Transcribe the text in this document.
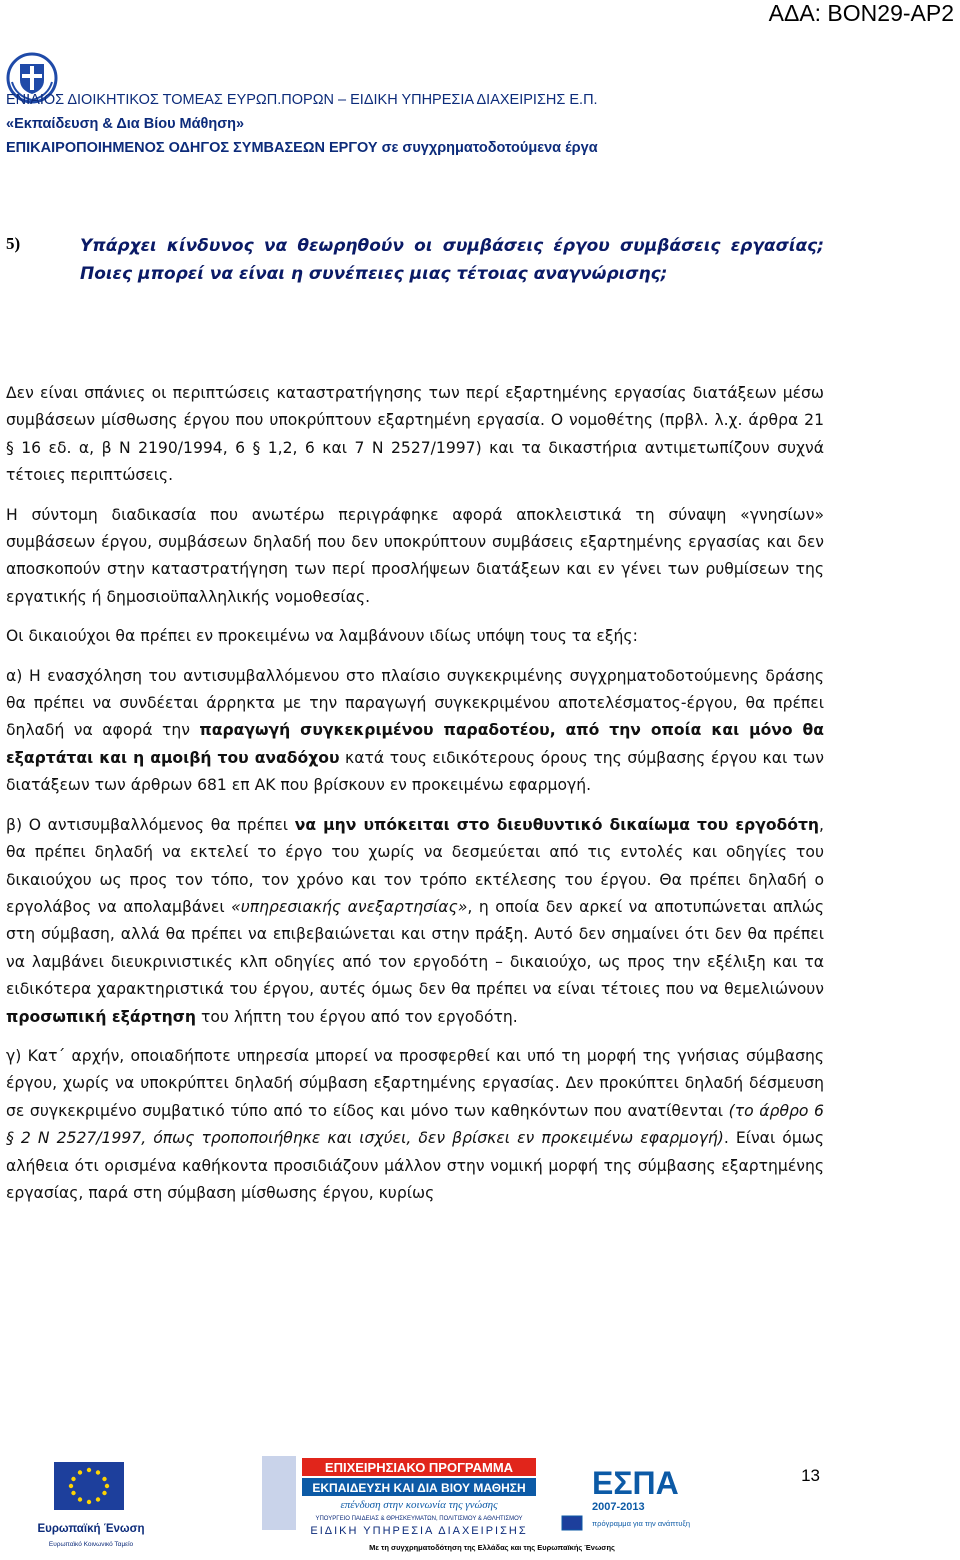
ΑΔΑ: ΒΟΝ29-ΑΡ2
ΕΝΙΑΙΟΣ ΔΙΟΙΚΗΤΙΚΟΣ ΤΟΜΕΑΣ ΕΥΡΩΠ.ΠΟΡΩΝ – ΕΙΔΙΚΗ ΥΠΗΡΕΣΙΑ ΔΙΑΧΕΙΡΙΣΗΣ Ε.Π.
«Εκπαίδευση & Δια Βίου Μάθηση»
ΕΠΙΚΑΙΡΟΠΟΙΗΜΕΝΟΣ ΟΔΗΓΟΣ ΣΥΜΒΑΣΕΩΝ ΕΡΓΟΥ σε συγχρηματοδοτούμενα έργα
5)	Υπάρχει κίνδυνος να θεωρηθούν οι συμβάσεις έργου συμβάσεις εργασίας; Ποιες μπορεί να είναι η συνέπειες μιας τέτοιας αναγνώρισης;

Δεν είναι σπάνιες οι περιπτώσεις καταστρατήγησης των περί εξαρτημένης εργασίας διατάξεων μέσω συμβάσεων μίσθωσης έργου που υποκρύπτουν εξαρτημένη εργασία. Ο νομοθέτης (πρβλ. λ.χ. άρθρα 21 § 16 εδ. α, β Ν 2190/1994, 6 § 1,2, 6 και 7 Ν 2527/1997) και τα δικαστήρια αντιμετωπίζουν συχνά τέτοιες περιπτώσεις.

Η σύντομη διαδικασία που ανωτέρω περιγράφηκε αφορά αποκλειστικά τη σύναψη «γνησίων» συμβάσεων έργου, συμβάσεων δηλαδή που δεν υποκρύπτουν συμβάσεις εξαρτημένης εργασίας και δεν αποσκοπούν στην καταστρατήγηση των περί προσλήψεων διατάξεων και εν γένει των ρυθμίσεων της εργατικής ή δημοσιοϋπαλληλικής νομοθεσίας.

Οι δικαιούχοι θα πρέπει εν προκειμένω να λαμβάνουν ιδίως υπόψη τους τα εξής:

α) Η ενασχόληση του αντισυμβαλλόμενου στο πλαίσιο συγκεκριμένης συγχρηματοδοτούμενης δράσης θα πρέπει να συνδέεται άρρηκτα με την παραγωγή συγκεκριμένου αποτελέσματος-έργου, θα πρέπει δηλαδή να αφορά την παραγωγή συγκεκριμένου παραδοτέου, από την οποία και μόνο θα εξαρτάται και η αμοιβή του αναδόχου κατά τους ειδικότερους όρους της σύμβασης έργου και των διατάξεων των άρθρων 681 επ ΑΚ που βρίσκουν εν προκειμένω εφαρμογή.

β) Ο αντισυμβαλλόμενος θα πρέπει να μην υπόκειται στο διευθυντικό δικαίωμα του εργοδότη, θα πρέπει δηλαδή να εκτελεί το έργο του χωρίς να δεσμεύεται από τις εντολές και οδηγίες του δικαιούχου ως προς τον τόπο, τον χρόνο και τον τρόπο εκτέλεσης του έργου. Θα πρέπει δηλαδή ο εργολάβος να απολαμβάνει «υπηρεσιακής ανεξαρτησίας», η οποία δεν αρκεί να αποτυπώνεται απλώς στη σύμβαση, αλλά θα πρέπει να επιβεβαιώνεται και στην πράξη. Αυτό δεν σημαίνει ότι δεν θα πρέπει να λαμβάνει διευκρινιστικές κλπ οδηγίες από τον εργοδότη – δικαιούχο, ως προς την εξέλιξη και τα ειδικότερα χαρακτηριστικά του έργου, αυτές όμως δεν θα πρέπει να είναι τέτοιες που να θεμελιώνουν προσωπική εξάρτηση του λήπτη του έργου από τον εργοδότη.

γ) Κατ΄ αρχήν, οποιαδήποτε υπηρεσία μπορεί να προσφερθεί και υπό τη μορφή της γνήσιας σύμβασης έργου, χωρίς να υποκρύπτει δηλαδή σύμβαση εξαρτημένης εργασίας. Δεν προκύπτει δηλαδή δέσμευση σε συγκεκριμένο συμβατικό τύπο από το είδος και μόνο των καθηκόντων που ανατίθενται (το άρθρο 6 § 2 Ν 2527/1997, όπως τροποποιήθηκε και ισχύει, δεν βρίσκει εν προκειμένω εφαρμογή). Είναι όμως αλήθεια ότι ορισμένα καθήκοντα προσιδιάζουν μάλλον στην νομική μορφή της σύμβασης εξαρτημένης εργασίας, παρά στη σύμβαση μίσθωσης έργου, κυρίως

13
Ευρωπαϊκή Ένωση
Ευρωπαϊκό Κοινωνικό Ταμείο
ΕΠΙΧΕΙΡΗΣΙΑΚΟ ΠΡΟΓΡΑΜΜΑ
ΕΚΠΑΙΔΕΥΣΗ ΚΑΙ ΔΙΑ ΒΙΟΥ ΜΑΘΗΣΗ
επένδυση στην κοινωνία της γνώσης
ΥΠΟΥΡΓΕΙΟ ΠΑΙΔΕΙΑΣ & ΘΡΗΣΚΕΥΜΑΤΩΝ, ΠΟΛΙΤΙΣΜΟΥ & ΑΘΛΗΤΙΣΜΟΥ
ΕΙΔΙΚΗ ΥΠΗΡΕΣΙΑ ΔΙΑΧΕΙΡΙΣΗΣ
ΕΣΠΑ
2007-2013
πρόγραμμα για την ανάπτυξη
Με τη συγχρηματοδότηση της Ελλάδας και της Ευρωπαϊκής Ένωσης
